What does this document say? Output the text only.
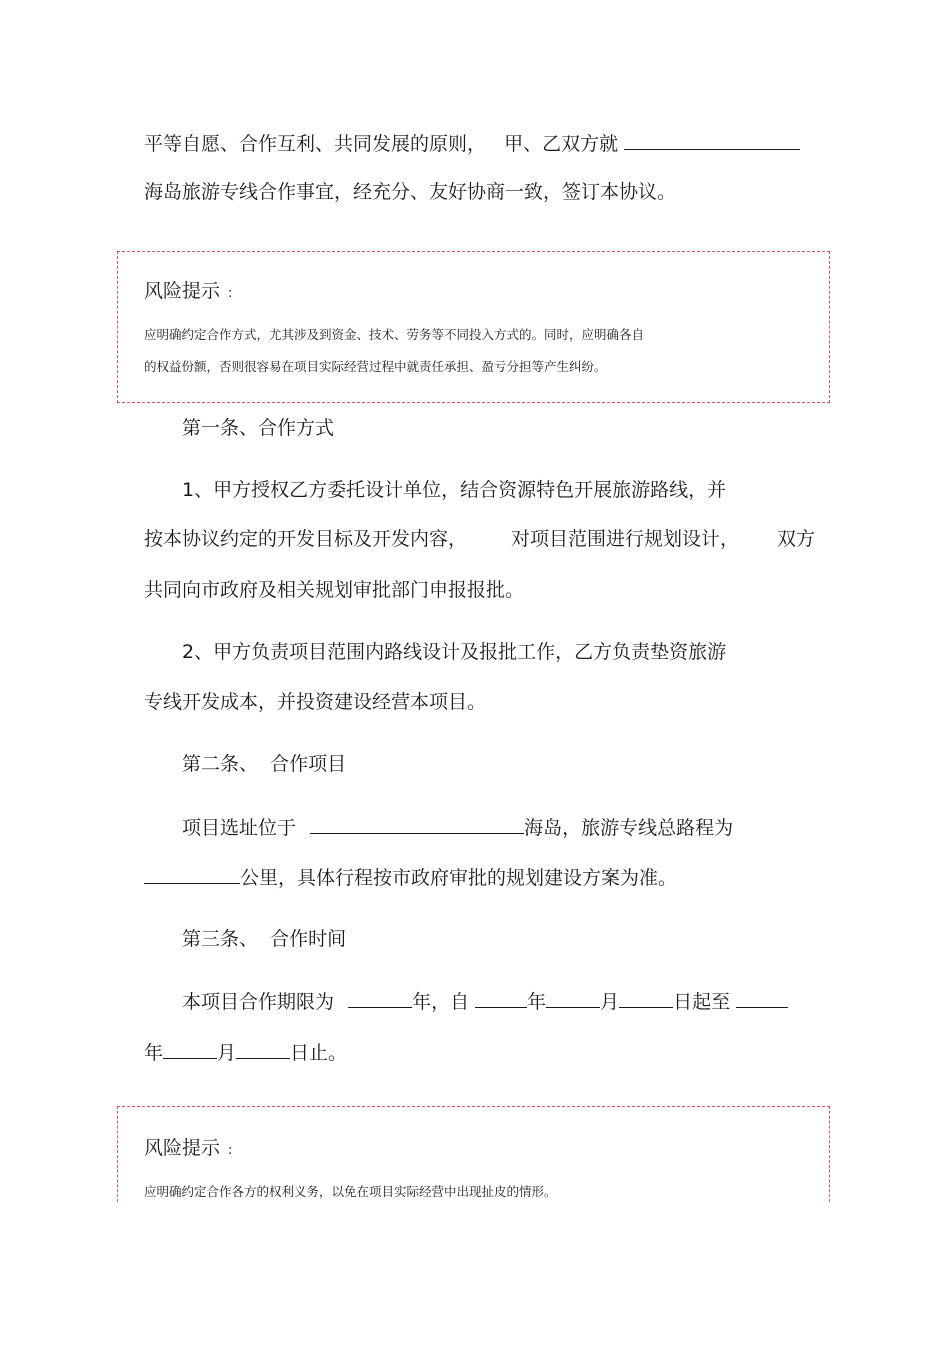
平等自愿、合作互利、共同发展的原则，   甲、乙双方就
海岛旅游专线合作事宜，经充分、友好协商一致，签订本协议。
风险提示 :
应明确约定合作方式，尤其涉及到资金、技术、劳务等不同投入方式的。同时，应明确各自
的权益份额，否则很容易在项目实际经营过程中就责任承担、盈亏分担等产生纠纷。
第一条、合作方式
1、甲方授权乙方委托设计单位，结合资源特色开展旅游路线，并
按本协议约定的开发目标及开发内容， 对项目范围进行规划设计， 双方
共同向市政府及相关规划审批部门申报报批。
2、甲方负责项目范围内路线设计及报批工作，乙方负责垫资旅游
专线开发成本，并投资建设经营本项目。
第二条、  合作项目
项目选址位于	海岛，旅游专线总路程为
公里，具体行程按市政府审批的规划建设方案为准。
第三条、  合作时间
本项目合作期限为	年，自	年	月	日起至
年	月	日止。
风险提示 :
应明确约定合作各方的权利义务，以免在项目实际经营中出现扯皮的情形。
